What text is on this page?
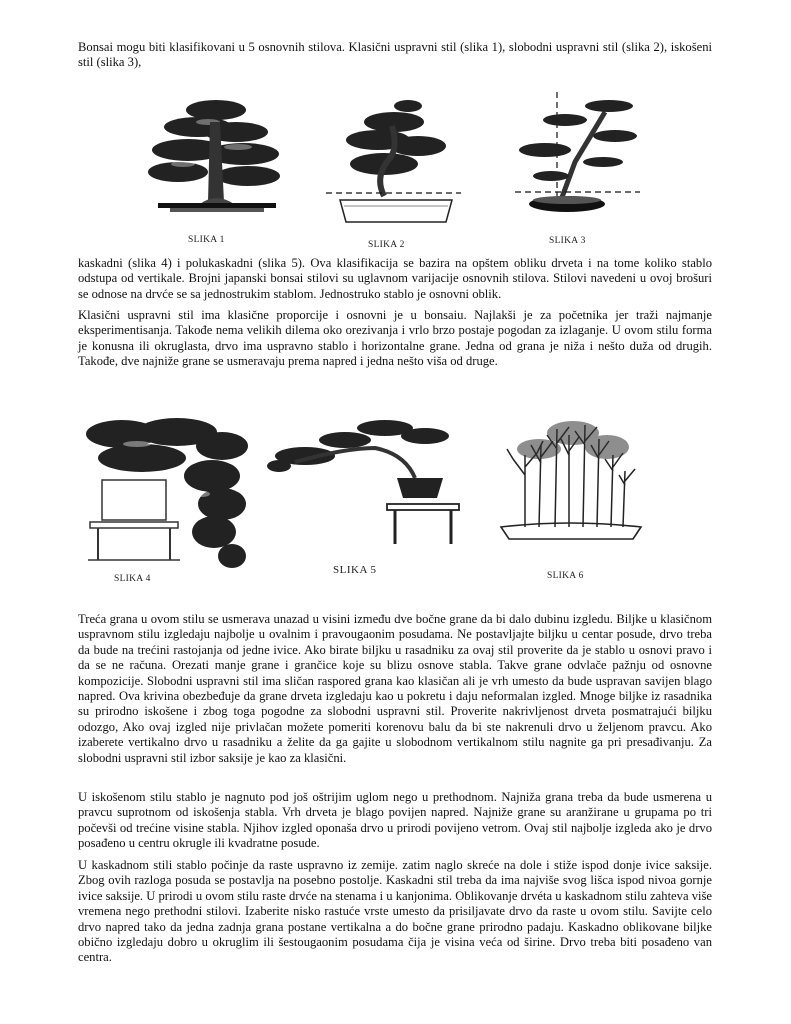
Bonsai mogu biti klasifikovani u 5 osnovnih stilova. Klasični uspravni stil (slika 1), slobodni uspravni stil (slika 2), iskošeni stil (slika 3),

SLIKA 1	SLIKA 2	SLIKA 3

kaskadni (slika 4) i polukaskadni (slika 5). Ova klasifikacija se bazira na opštem obliku drveta i na tome koliko stablo odstupa od vertikale. Brojni japanski bonsai stilovi su uglavnom varijacije osnovnih stilova. Stilovi navedeni u ovoj brošuri se odnose na drvće se sa jednostrukim stablom. Jednostruko stablo je osnovni oblik.

Klasični uspravni stil ima klasične proporcije i osnovni je u bonsaiu. Najlakši je za početnika jer traži najmanje eksperimentisanja. Takođe nema velikih dilema oko orezivanja i vrlo brzo postaje pogodan za izlaganje. U ovom stilu forma je konusna ili okruglasta, drvo ima uspravno stablo i horizontalne grane. Jedna od grana je niža i nešto duža od drugih. Takođe, dve najniže grane se usmeravaju prema napred i jedna nešto viša od druge.

SLIKA 4
SLIKA 5	SLIKA 6

Treća grana u ovom stilu se usmerava unazad u visini između dve bočne grane da bi dalo dubinu izgledu. Biljke u klasičnom uspravnom stilu izgledaju najbolje u ovalnim i pravougaonim posudama. Ne postavljajte biljku u centar posude, drvo treba da bude na trećini rastojanja od jedne ivice. Ako birate biljku u rasadniku za ovaj stil proverite da je stablo u osnovi pravo i da se ne računa. Orezati manje grane i grančice koje su blizu osnove stabla. Takve grane odvlače pažnju od osnovne kompozicije. Slobodni uspravni stil ima sličan raspored grana kao klasičan ali je vrh umesto da bude uspravan savijen blago napred. Ova krivina obezbeđuje da grane drveta izgledaju kao u pokretu i daju neformalan izgled. Mnoge biljke iz rasadnika su prirodno iskošene i zbog toga pogodne za slobodni uspravni stil. Proverite nakrivljenost drveta posmatrajući biljku odozgo, Ako ovaj izgled nije privlačan možete pomeriti korenovu balu da bi ste nakrenuli drvo u željenom pravcu. Ako izaberete vertikalno drvo u rasadniku a želite da ga gajite u slobodnom vertikalnom stilu nagnite ga pri presađivanju. Za slobodni uspravni stil izbor saksije je kao za klasični.

U iskošenom stilu stablo je nagnuto pod još oštrijim uglom nego u prethodnom. Najniža grana treba da bude usmerena u pravcu suprotnom od iskošenja stabla. Vrh drveta je blago povijen napred. Najniže grane su aranžirane u grupama po tri počevši od trećine visine stabla. Njihov izgled oponaša drvo u prirodi povijeno vetrom. Ovaj stil najbolje izgleda ako je drvo posađeno u centru okrugle ili kvadratne posude.

U kaskadnom stili stablo počinje da raste uspravno iz zemije. zatim naglo skreće na dole i stiže ispod donje ivice saksije. Zbog ovih razloga posuda se postavlja na posebno postolje. Kaskadni stil treba da ima najviše svog lišca ispod nivoa gornje ivice saksije. U prirodi u ovom stilu raste drvće na stenama i u kanjonima. Oblikovanje drvéta u kaskadnom stilu zahteva više vremena nego prethodni stilovi. Izaberite nisko rastuće vrste umesto da prisiljavate drvo da raste u ovom stilu. Savijte celo drvo napred tako da jedna zadnja grana postane vertikalna a do bočne grane prirodno padaju. Kaskadno oblikovane biljke obično izgledaju dobro u okruglim ili šestougaonim posudama čija je visina veća od širine. Drvo treba biti posađeno van centra.
